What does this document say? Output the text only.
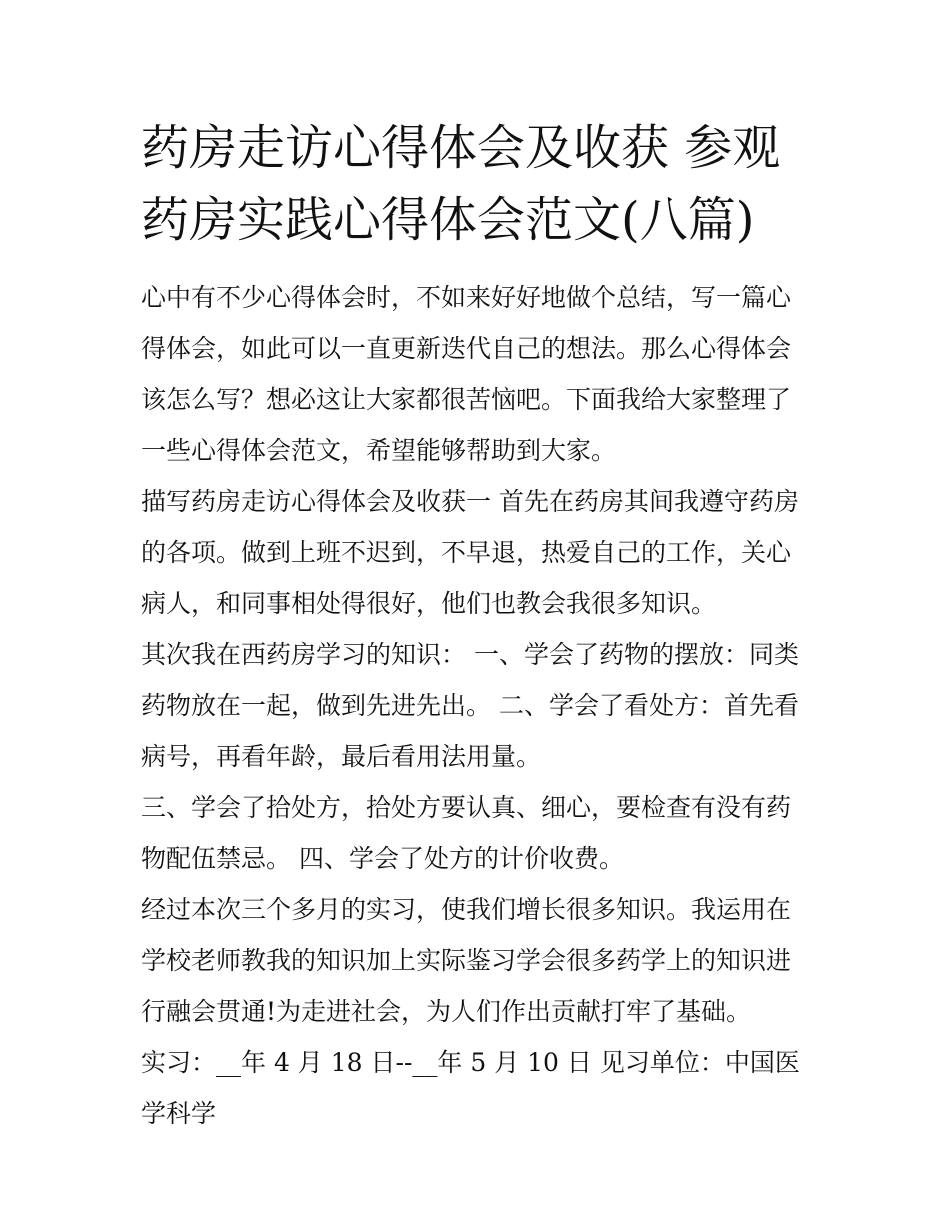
药房走访心得体会及收获 参观药房实践心得体会范文(八篇)

心中有不少心得体会时，不如来好好地做个总结，写一篇心得体会，如此可以一直更新迭代自己的想法。那么心得体会该怎么写？想必这让大家都很苦恼吧。下面我给大家整理了一些心得体会范文，希望能够帮助到大家。

描写药房走访心得体会及收获一 首先在药房其间我遵守药房的各项。做到上班不迟到，不早退，热爱自己的工作，关心病人，和同事相处得很好，他们也教会我很多知识。

其次我在西药房学习的知识： 一、学会了药物的摆放：同类药物放在一起，做到先进先出。 二、学会了看处方：首先看病号，再看年龄，最后看用法用量。

三、学会了拾处方，拾处方要认真、细心，要检查有没有药物配伍禁忌。 四、学会了处方的计价收费。

经过本次三个多月的实习，使我们增长很多知识。我运用在学校老师教我的知识加上实际鉴习学会很多药学上的知识进行融会贯通!为走进社会，为人们作出贡献打牢了基础。

实习：__年 4 月 18 日--__年 5 月 10 日 见习单位：中国医学科学
